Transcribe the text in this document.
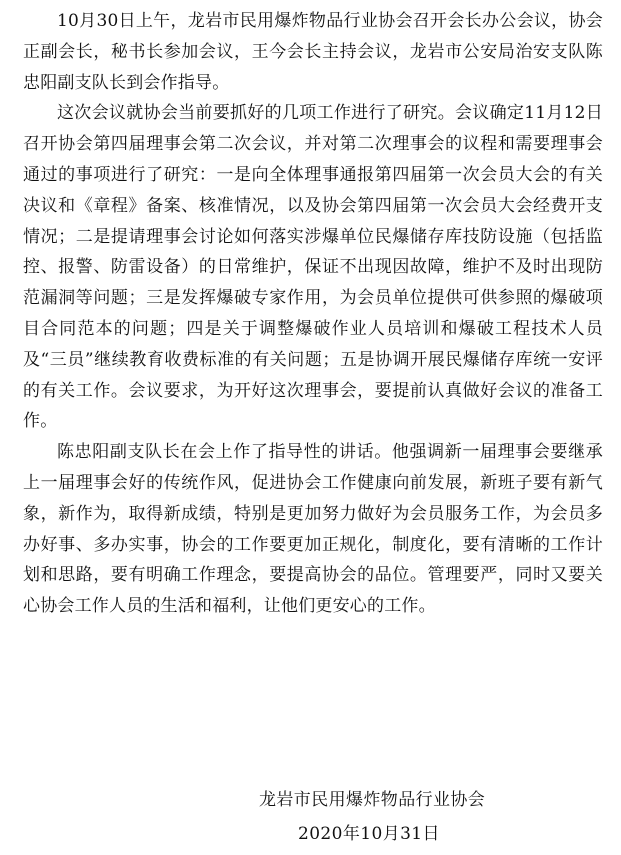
10月30日上午，龙岩市民用爆炸物品行业协会召开会长办公会议，协会正副会长，秘书长参加会议，王今会长主持会议，龙岩市公安局治安支队陈忠阳副支队长到会作指导。

这次会议就协会当前要抓好的几项工作进行了研究。会议确定11月12日召开协会第四届理事会第二次会议，并对第二次理事会的议程和需要理事会通过的事项进行了研究：一是向全体理事通报第四届第一次会员大会的有关决议和《章程》备案、核准情况，以及协会第四届第一次会员大会经费开支情况；二是提请理事会讨论如何落实涉爆单位民爆储存库技防设施（包括监控、报警、防雷设备）的日常维护，保证不出现因故障，维护不及时出现防范漏洞等问题；三是发挥爆破专家作用，为会员单位提供可供参照的爆破项目合同范本的问题；四是关于调整爆破作业人员培训和爆破工程技术人员及“三员”继续教育收费标准的有关问题；五是协调开展民爆储存库统一安评的有关工作。会议要求，为开好这次理事会，要提前认真做好会议的准备工作。

陈忠阳副支队长在会上作了指导性的讲话。他强调新一届理事会要继承上一届理事会好的传统作风，促进协会工作健康向前发展，新班子要有新气象，新作为，取得新成绩，特别是更加努力做好为会员服务工作，为会员多办好事、多办实事，协会的工作要更加正规化，制度化，要有清晰的工作计划和思路，要有明确工作理念，要提高协会的品位。管理要严，同时又要关心协会工作人员的生活和福利，让他们更安心的工作。

龙岩市民用爆炸物品行业协会
2020年10月31日
